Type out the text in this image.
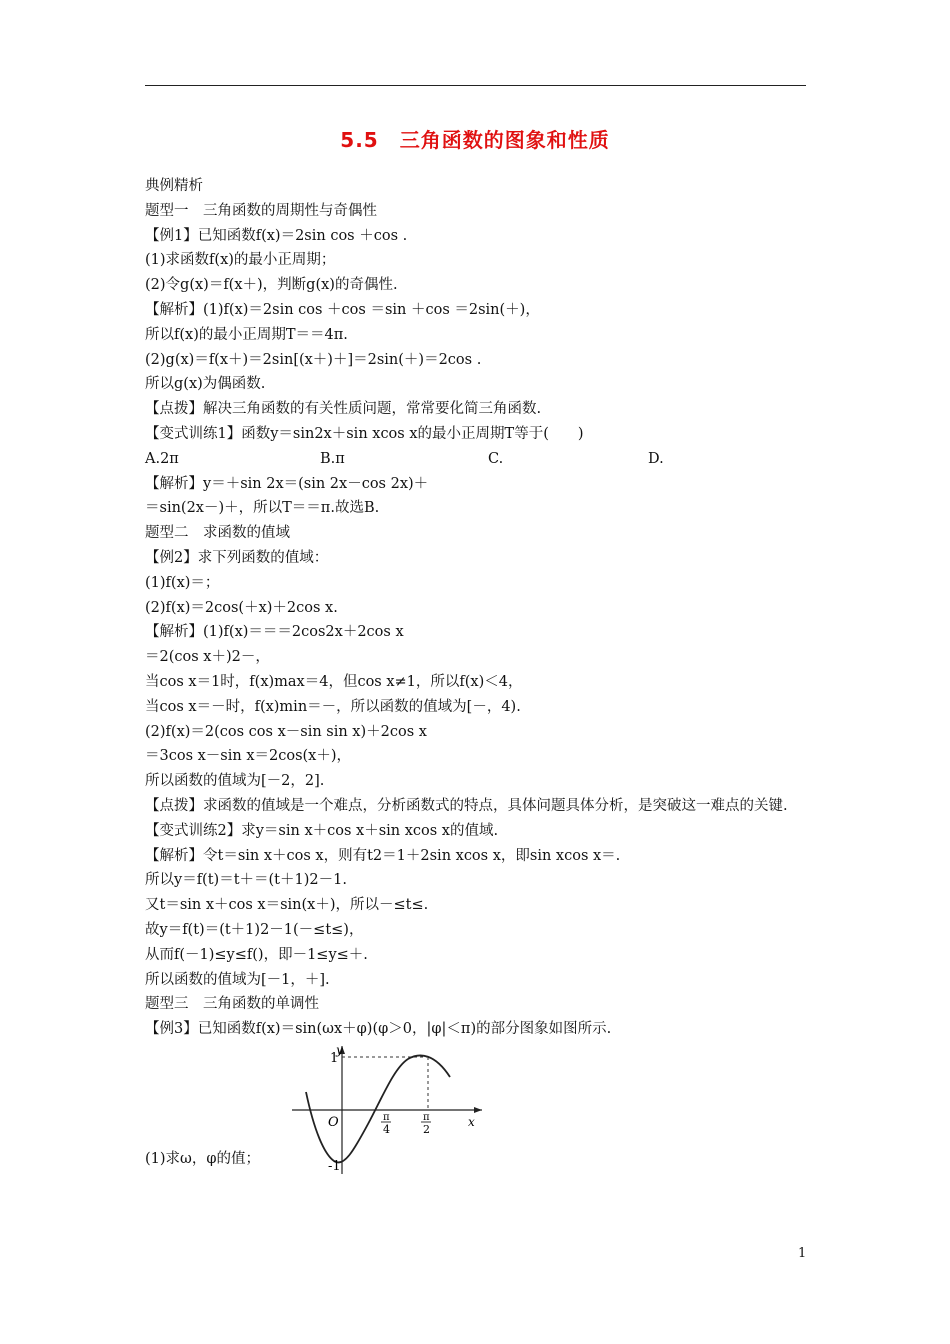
5.5　三角函数的图象和性质
典例精析
题型一　三角函数的周期性与奇偶性
【例1】已知函数f(x)＝2sin cos ＋cos .
(1)求函数f(x)的最小正周期；
(2)令g(x)＝f(x＋)，判断g(x)的奇偶性.
【解析】(1)f(x)＝2sin cos ＋cos ＝sin ＋cos ＝2sin(＋)，
所以f(x)的最小正周期T＝＝4π.
(2)g(x)＝f(x＋)＝2sin[(x＋)＋]＝2sin(＋)＝2cos .
所以g(x)为偶函数.
【点拨】解决三角函数的有关性质问题，常常要化简三角函数.
【变式训练1】函数y＝sin2x＋sin xcos x的最小正周期T等于(　　)
A.2π	B.π	C.	D.
【解析】y＝＋sin 2x＝(sin 2x－cos 2x)＋
＝sin(2x－)＋，所以T＝＝π.故选B.
题型二　求函数的值域
【例2】求下列函数的值域：
(1)f(x)＝；
(2)f(x)＝2cos(＋x)＋2cos x.
【解析】(1)f(x)＝＝＝2cos2x＋2cos x
＝2(cos x＋)2－，
当cos x＝1时，f(x)max＝4，但cos x≠1，所以f(x)＜4，
当cos x＝－时，f(x)min＝－，所以函数的值域为[－，4).
(2)f(x)＝2(cos cos x－sin sin x)＋2cos x
＝3cos x－sin x＝2cos(x＋)，
所以函数的值域为[－2，2].
【点拨】求函数的值域是一个难点，分析函数式的特点，具体问题具体分析，是突破这一难点的关键.
【变式训练2】求y＝sin x＋cos x＋sin xcos x的值域.
【解析】令t＝sin x＋cos x，则有t2＝1＋2sin xcos x，即sin xcos x＝.
所以y＝f(t)＝t＋＝(t＋1)2－1.
又t＝sin x＋cos x＝sin(x＋)，所以－≤t≤.
故y＝f(t)＝(t＋1)2－1(－≤t≤)，
从而f(－1)≤y≤f()，即－1≤y≤＋.
所以函数的值域为[－1，＋].
题型三　三角函数的单调性
【例3】已知函数f(x)＝sin(ωx＋φ)(φ＞0，|φ|＜π)的部分图象如图所示.
(1)求ω，φ的值；
y
x
O
1
-1
π
4
π
2
1
